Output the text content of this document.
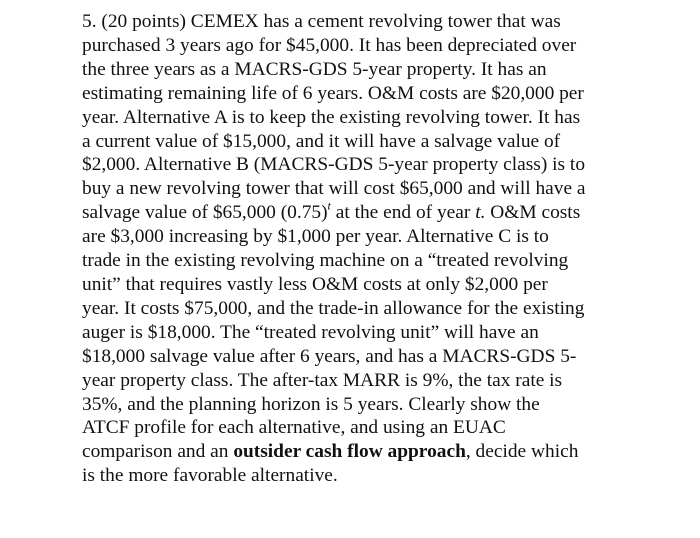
5. (20 points) CEMEX has a cement revolving tower that was
purchased 3 years ago for $45,000. It has been depreciated over
the three years as a MACRS-GDS 5-year property. It has an
estimating remaining life of 6 years. O&M costs are $20,000 per
year. Alternative A is to keep the existing revolving tower. It has
a current value of $15,000, and it will have a salvage value of
$2,000. Alternative B (MACRS-GDS 5-year property class) is to
buy a new revolving tower that will cost $65,000 and will have a
salvage value of $65,000 $(0.75)^t$ at the end of year t. O&M costs
are $3,000 increasing by $1,000 per year. Alternative C is to
trade in the existing revolving machine on a “treated revolving
unit” that requires vastly less O&M costs at only $2,000 per
year. It costs $75,000, and the trade-in allowance for the existing
auger is $18,000. The “treated revolving unit” will have an
$18,000 salvage value after 6 years, and has a MACRS-GDS 5-
year property class. The after-tax MARR is 9%, the tax rate is
35%, and the planning horizon is 5 years. Clearly show the
ATCF profile for each alternative, and using an EUAC
comparison and an outsider cash flow approach, decide which
is the more favorable alternative.
